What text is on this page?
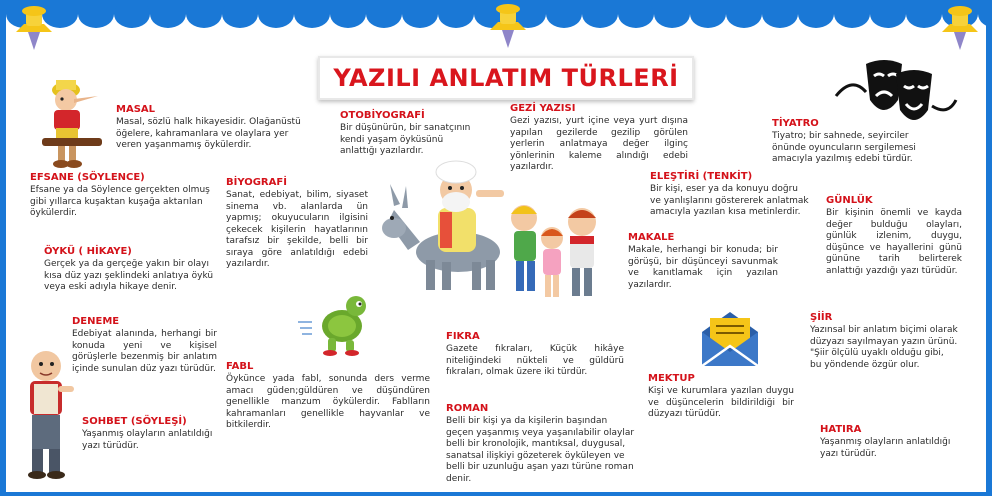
YAZILI ANLATIM TÜRLERİ

MASAL

Masal, sözlü halk hikayesidir. Olağanüstü öğelere, kahramanlara ve olaylara yer veren yaşanmamış öykülerdir.

EFSANE (SÖYLENCE)

Efsane ya da Söylence gerçekten olmuş gibi yıllarca kuşaktan kuşağa aktarılan öykülerdir.

ÖYKÜ ( HİKAYE)

Gerçek ya da gerçeğe yakın bir olayı kısa düz yazı şeklindeki anlatıya öykü veya eski adıyla hikaye denir.

DENEME

Edebiyat alanında, herhangi bir konuda yeni ve kişisel görüşlerle bezenmiş bir anlatım içinde sunulan düz yazı türüdür.

SOHBET (SÖYLEŞİ)

Yaşanmış olayların anlatıldığı yazı türüdür.

OTOBİYOGRAFİ

Bir düşünürün, bir sanatçının kendi yaşam öyküsünü anlattığı yazılardır.

BİYOGRAFİ

Sanat, edebiyat, bilim, siyaset sinema vb. alanlarda ün yapmış; okuyucuların ilgisini çekecek kişilerin hayatlarının tarafsız bir şekilde, belli bir sıraya göre anlatıldığı edebi yazılardır.

FABL

Öyküncе yada fabl, sonunda ders verme amacı güden;güldüren ve düşündüren genellikle manzum öykülerdir. Fablların kahramanları genellikle hayvanlar ve bitkilerdir.

GEZİ YAZISI

Gezi yazısı, yurt içine veya yurt dışına yapılan gezilerde gezilip görülen yerlerin anlatmaya değer ilginç yönlerinin kaleme alındığı edebi yazılardır.

FIKRA

Gazete fıkraları, Küçük hikâye niteliğindeki nükteli ve güldürü fıkraları, olmak üzere iki türdür.

ROMAN

Belli bir kişi ya da kişilerin başından geçen yaşanmış veya yaşanılabilir olaylar belli bir kronolojik, mantıksal, duygusal, sanatsal ilişkiyi gözeterek öyküleyen ve belli bir uzunluğu aşan yazı türüne roman denir.

ELEŞTİRİ (TENKİT)

Bir kişi, eser ya da konuyu doğru ve yanlışlarını göstererek anlatmak amacıyla yazılan kısa metinlerdir.

MAKALE

Makale, herhangi bir konuda; bir görüşü, bir düşünceyi savunmak ve kanıtlamak için yazılan yazılardır.

MEKTUP

Kişi ve kurumlara yazılan duygu ve düşüncelerin bildirildiği bir düzyazı türüdür.

TİYATRO

Tiyatro; bir sahnede, seyirciler önünde oyuncuların sergilemesi amacıyla yazılmış edebi türdür.

GÜNLÜK

Bir kişinin önemli ve kayda değer bulduğu olayları, günlük izlenim, duygu, düşünce ve hayallerini günü gününe tarih belirterek anlattığı yazdığı yazı türüdür.

ŞİİR

Yazınsal bir anlatım biçimi olarak düzyazı sayılmayan yazın ürünü. "Şiir ölçülü uyaklı olduğu gibi, bu yöndende özgür olur.

HATIRA

Yaşanmış olayların anlatıldığı yazı türüdür.
